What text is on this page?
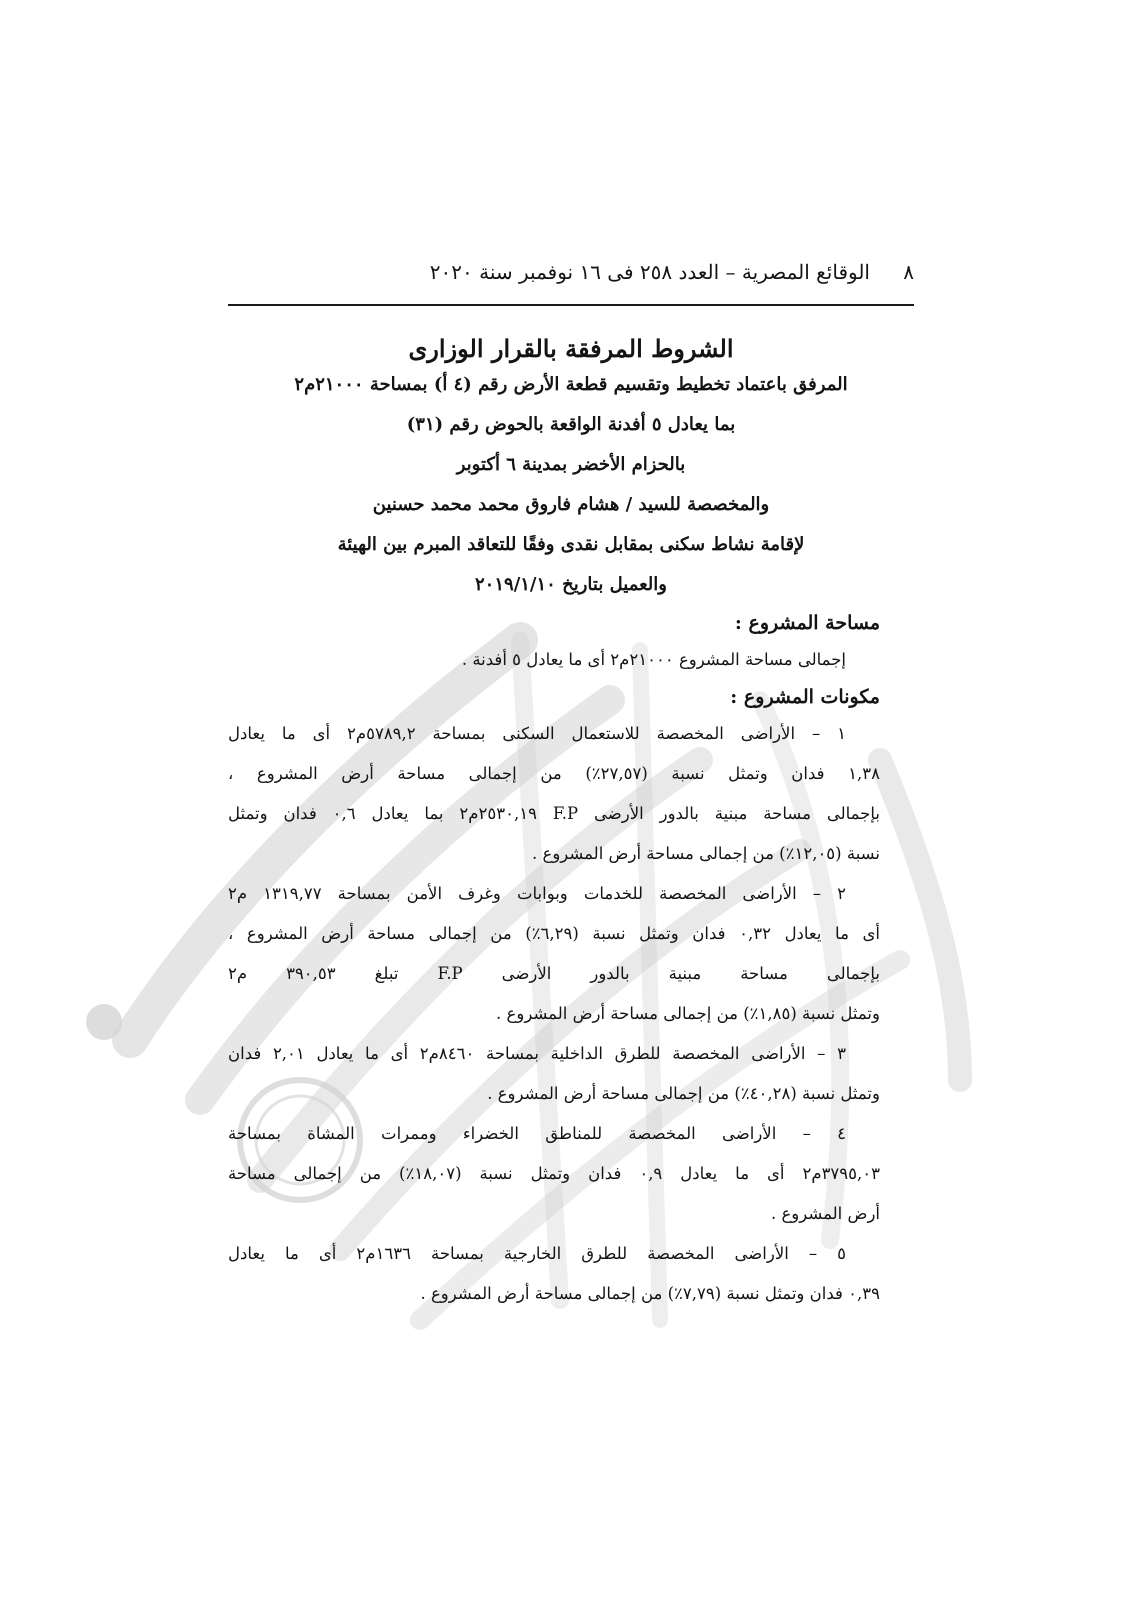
٨
الوقائع المصرية – العدد ٢٥٨ فى ١٦ نوفمبر سنة ٢٠٢٠
الشروط المرفقة بالقرار الوزارى
المرفق باعتماد تخطيط وتقسيم قطعة الأرض رقم (٤ أ) بمساحة ٢١٠٠٠م٢
بما يعادل ٥ أفدنة الواقعة بالحوض رقم (٣١)
بالحزام الأخضر بمدينة ٦ أكتوبر
والمخصصة للسيد / هشام فاروق محمد محمد حسنين
لإقامة نشاط سكنى بمقابل نقدى وفقًا للتعاقد المبرم بين الهيئة
والعميل بتاريخ ٢٠١٩/١/١٠
مساحة المشروع :
إجمالى مساحة المشروع ٢١٠٠٠م٢ أى ما يعادل ٥ أفدنة .
مكونات المشروع :
١ – الأراضى المخصصة للاستعمال السكنى بمساحة ٥٧٨٩,٢م٢ أى ما يعادل
١,٣٨ فدان وتمثل نسبة (٢٧,٥٧٪) من إجمالى مساحة أرض المشروع ،
بإجمالى مساحة مبنية بالدور الأرضى F.P ٢٥٣٠,١٩م٢ بما يعادل ٠,٦ فدان وتمثل
نسبة (١٢,٠٥٪) من إجمالى مساحة أرض المشروع .
٢ – الأراضى المخصصة للخدمات وبوابات وغرف الأمن بمساحة ١٣١٩,٧٧ م٢
أى ما يعادل ٠,٣٢ فدان وتمثل نسبة (٦,٢٩٪) من إجمالى مساحة أرض المشروع ،
بإجمالى مساحة مبنية بالدور الأرضى F.P تبلغ ٣٩٠,٥٣ م٢
وتمثل نسبة (١,٨٥٪) من إجمالى مساحة أرض المشروع .
٣ – الأراضى المخصصة للطرق الداخلية بمساحة ٨٤٦٠م٢ أى ما يعادل ٢,٠١ فدان
وتمثل نسبة (٤٠,٢٨٪) من إجمالى مساحة أرض المشروع .
٤ – الأراضى المخصصة للمناطق الخضراء وممرات المشاة بمساحة
٣٧٩٥,٠٣م٢ أى ما يعادل ٠,٩ فدان وتمثل نسبة (١٨,٠٧٪) من إجمالى مساحة
أرض المشروع .
٥ – الأراضى المخصصة للطرق الخارجية بمساحة ١٦٣٦م٢ أى ما يعادل
٠,٣٩ فدان وتمثل نسبة (٧,٧٩٪) من إجمالى مساحة أرض المشروع .
